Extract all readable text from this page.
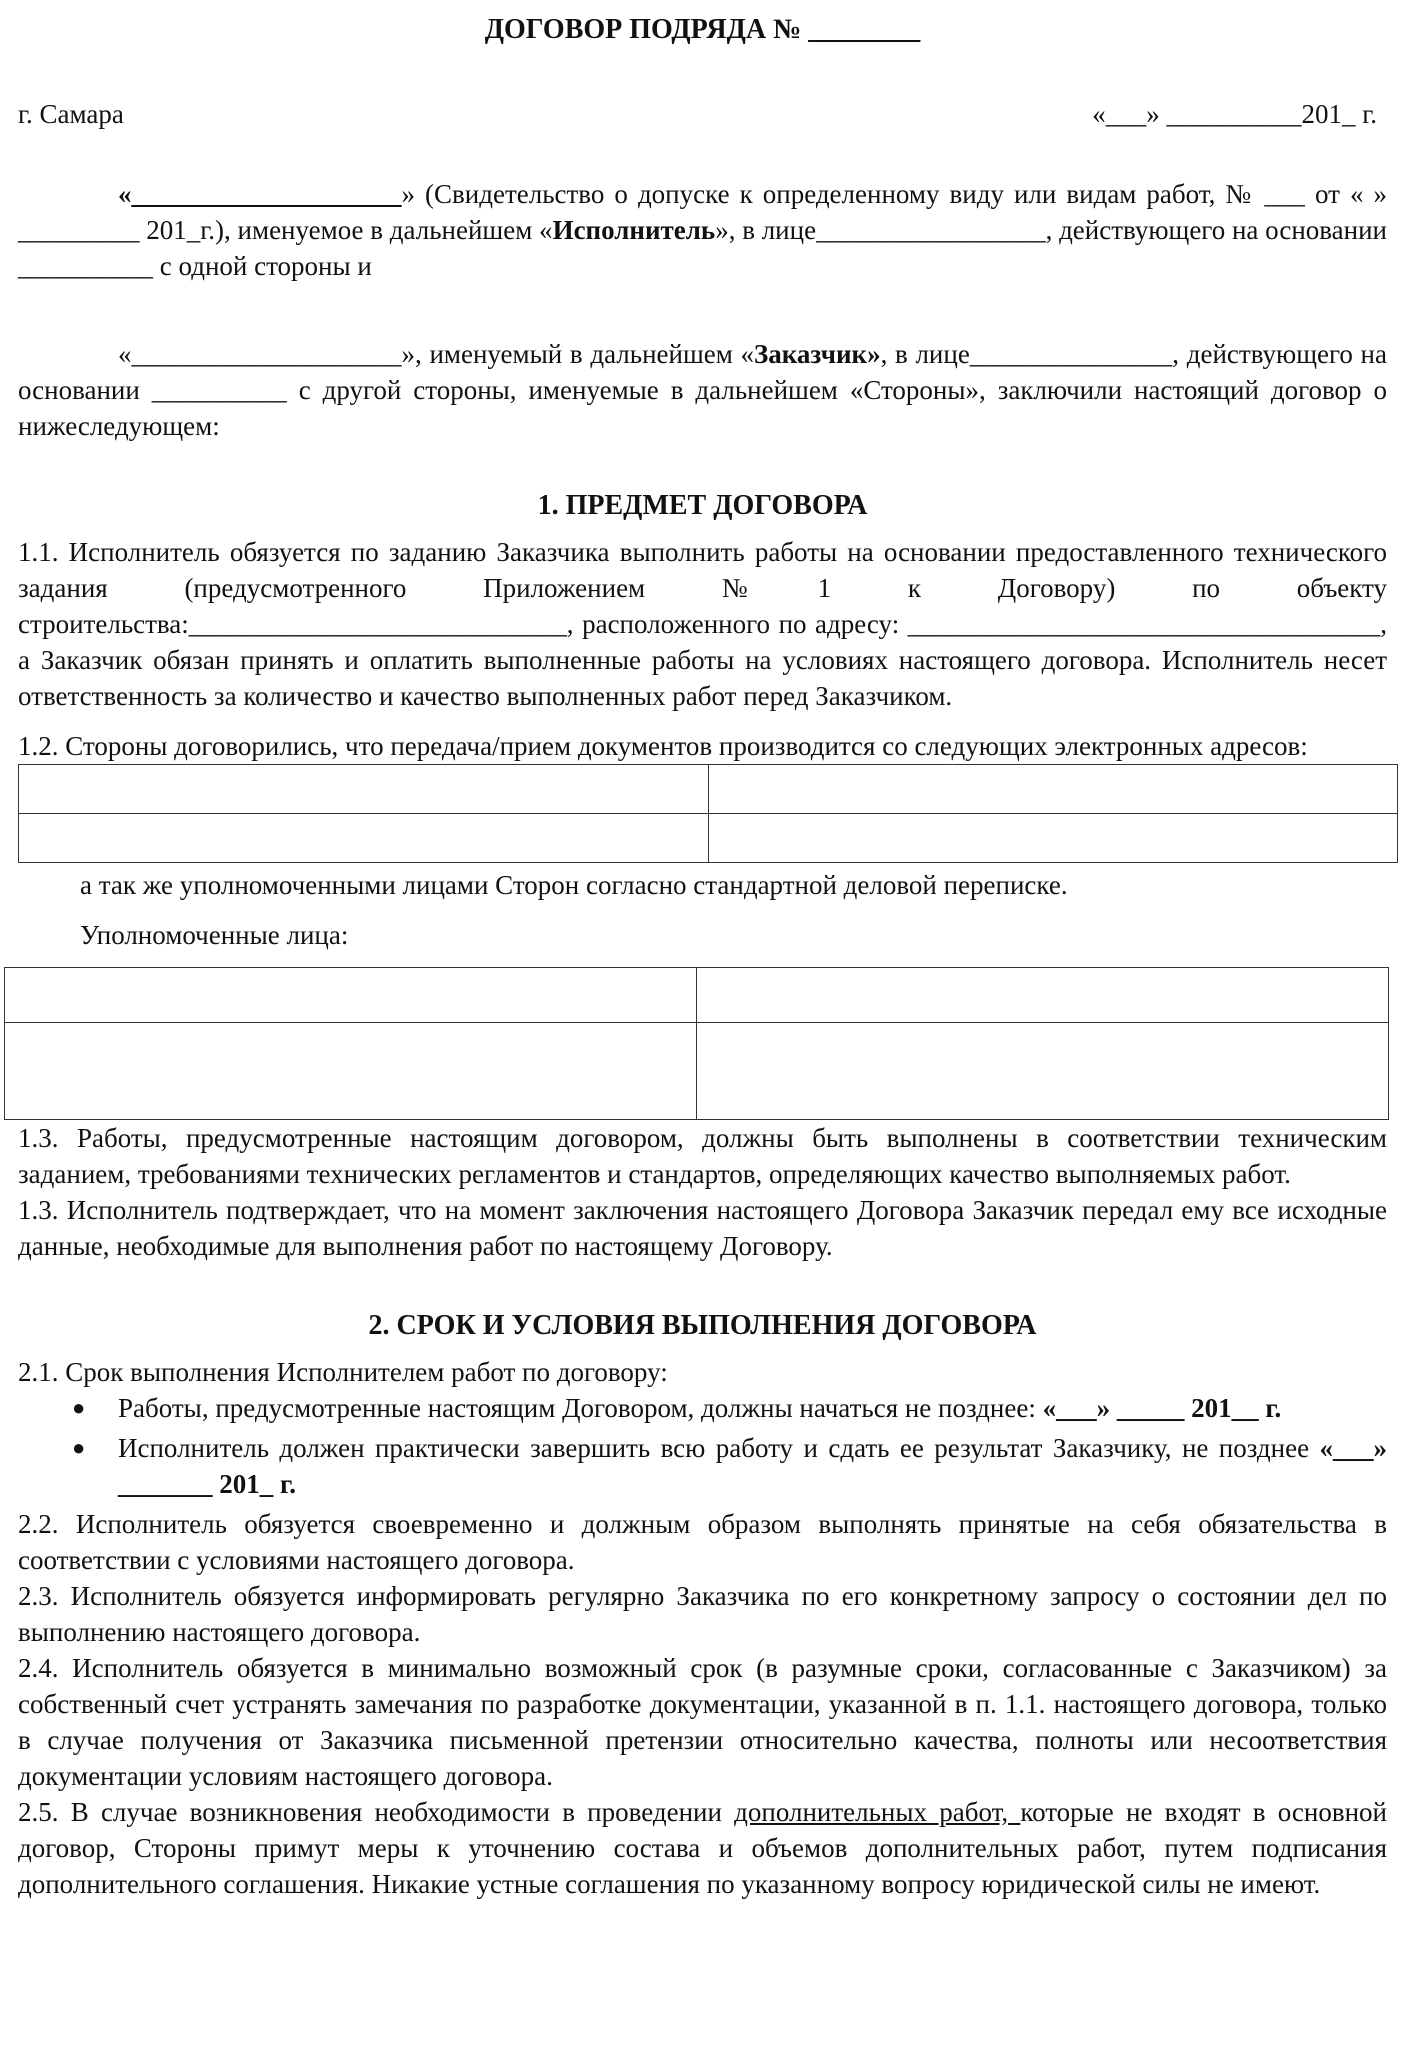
ДОГОВОР ПОДРЯДА № ________
г. Самара	«___» __________201_ г.

«____________________» (Свидетельство о допуске к определенному виду или видам работ, № ___ от « » _________ 201_г.), именуемое в дальнейшем «Исполнитель», в лице_________________, действующего на основании __________ с одной стороны и

«____________________», именуемый в дальнейшем «Заказчик», в лице_______________, действующего на основании __________ с другой стороны, именуемые в дальнейшем «Стороны», заключили настоящий договор о нижеследующем:

1. ПРЕДМЕТ ДОГОВОРА

1.1. Исполнитель обязуется по заданию Заказчика выполнить работы на основании предоставленного технического задания (предусмотренного Приложением №1 к Договору) по объекту строительства:____________________________, расположенного по адресу: ___________________________________, а Заказчик обязан принять и оплатить выполненные работы на условиях настоящего договора. Исполнитель несет ответственность за количество и качество выполненных работ перед Заказчиком.

1.2. Стороны договорились, что передача/прием документов производится со следующих электронных адресов:

а так же уполномоченными лицами Сторон согласно стандартной деловой переписке.

Уполномоченные лица:

1.3. Работы, предусмотренные настоящим договором, должны быть выполнены в соответствии техническим заданием, требованиями технических регламентов и стандартов, определяющих качество выполняемых работ.

1.3. Исполнитель подтверждает, что на момент заключения настоящего Договора Заказчик передал ему все исходные данные, необходимые для выполнения работ по настоящему Договору.

2. СРОК И УСЛОВИЯ ВЫПОЛНЕНИЯ ДОГОВОРА

2.1. Срок выполнения Исполнителем работ по договору:

● Работы, предусмотренные настоящим Договором, должны начаться не позднее: «___» _____ 201__ г.
● Исполнитель должен практически завершить всю работу и сдать ее результат Заказчику, не позднее «___» _______ 201_ г.

2.2. Исполнитель обязуется своевременно и должным образом выполнять принятые на себя обязательства в соответствии с условиями настоящего договора.

2.3. Исполнитель обязуется информировать регулярно Заказчика по его конкретному запросу о состоянии дел по выполнению настоящего договора.

2.4. Исполнитель обязуется в минимально возможный срок (в разумные сроки, согласованные с Заказчиком) за собственный счет устранять замечания по разработке документации, указанной в п. 1.1. настоящего договора, только в случае получения от Заказчика письменной претензии относительно качества, полноты или несоответствия документации условиям настоящего договора.

2.5. В случае возникновения необходимости в проведении дополнительных работ, которые не входят в основной договор, Стороны примут меры к уточнению состава и объемов дополнительных работ, путем подписания дополнительного соглашения. Никакие устные соглашения по указанному вопросу юридической силы не имеют.
